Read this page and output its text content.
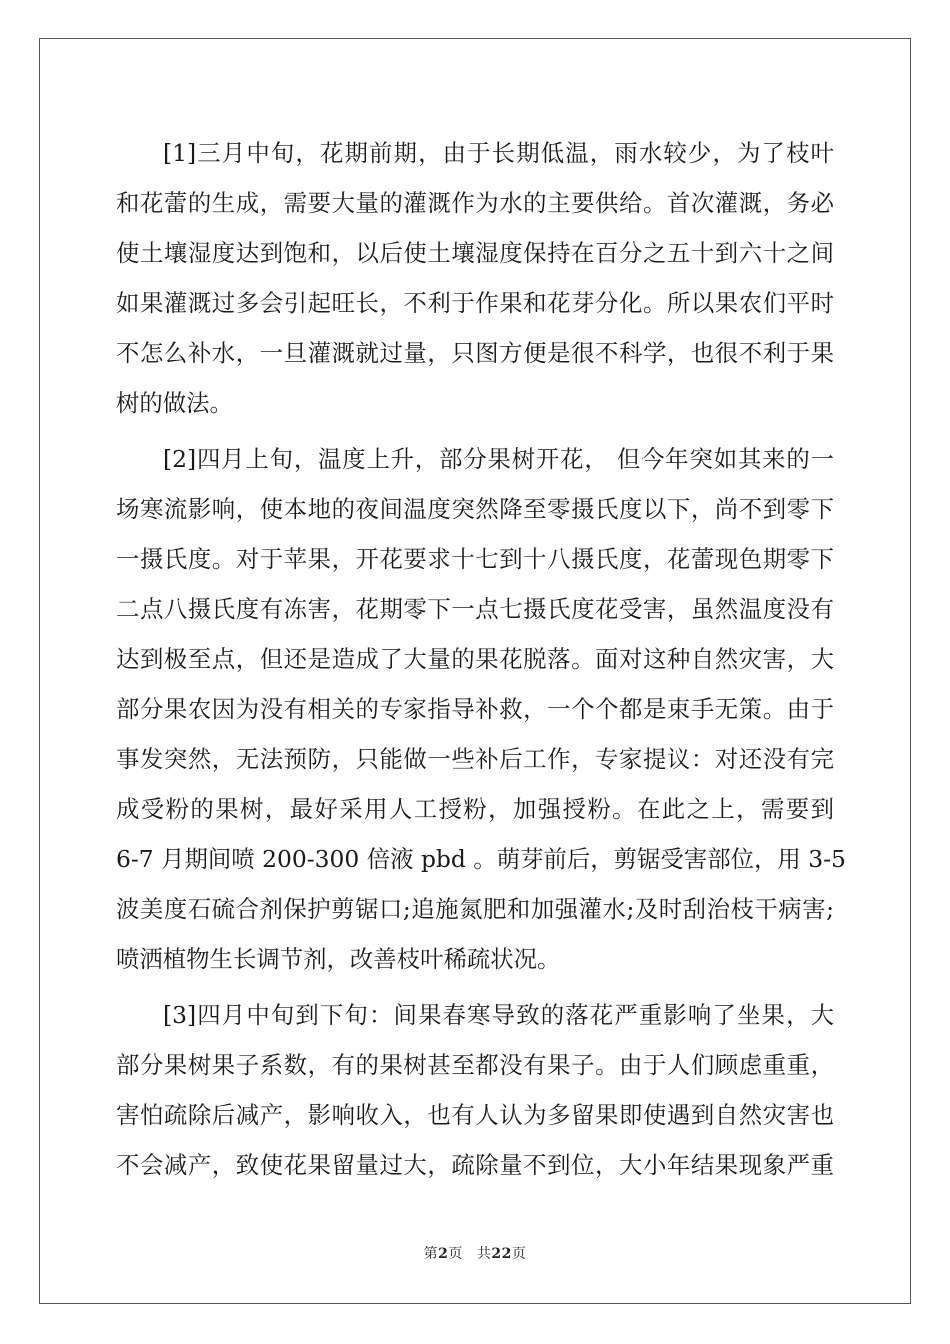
[1]三月中旬，花期前期，由于长期低温，雨水较少，为了枝叶
和花蕾的生成，需要大量的灌溉作为水的主要供给。首次灌溉，务必
使土壤湿度达到饱和，以后使土壤湿度保持在百分之五十到六十之间
如果灌溉过多会引起旺长，不利于作果和花芽分化。所以果农们平时
不怎么补水，一旦灌溉就过量，只图方便是很不科学，也很不利于果
树的做法。
[2]四月上旬，温度上升，部分果树开花， 但今年突如其来的一
场寒流影响，使本地的夜间温度突然降至零摄氏度以下，尚不到零下
一摄氏度。对于苹果，开花要求十七到十八摄氏度，花蕾现色期零下
二点八摄氏度有冻害，花期零下一点七摄氏度花受害，虽然温度没有
达到极至点，但还是造成了大量的果花脱落。面对这种自然灾害，大
部分果农因为没有相关的专家指导补救，一个个都是束手无策。由于
事发突然，无法预防，只能做一些补后工作，专家提议：对还没有完
成受粉的果树，最好采用人工授粉，加强授粉。在此之上，需要到
6-7 月期间喷 200-300 倍液 pbd 。萌芽前后，剪锯受害部位，用 3-5
波美度石硫合剂保护剪锯口;追施氮肥和加强灌水;及时刮治枝干病害;
喷洒植物生长调节剂，改善枝叶稀疏状况。
[3]四月中旬到下旬：间果春寒导致的落花严重影响了坐果，大
部分果树果子系数，有的果树甚至都没有果子。由于人们顾虑重重，
害怕疏除后减产，影响收入，也有人认为多留果即使遇到自然灾害也
不会减产，致使花果留量过大，疏除量不到位，大小年结果现象严重
第2页 共22页
